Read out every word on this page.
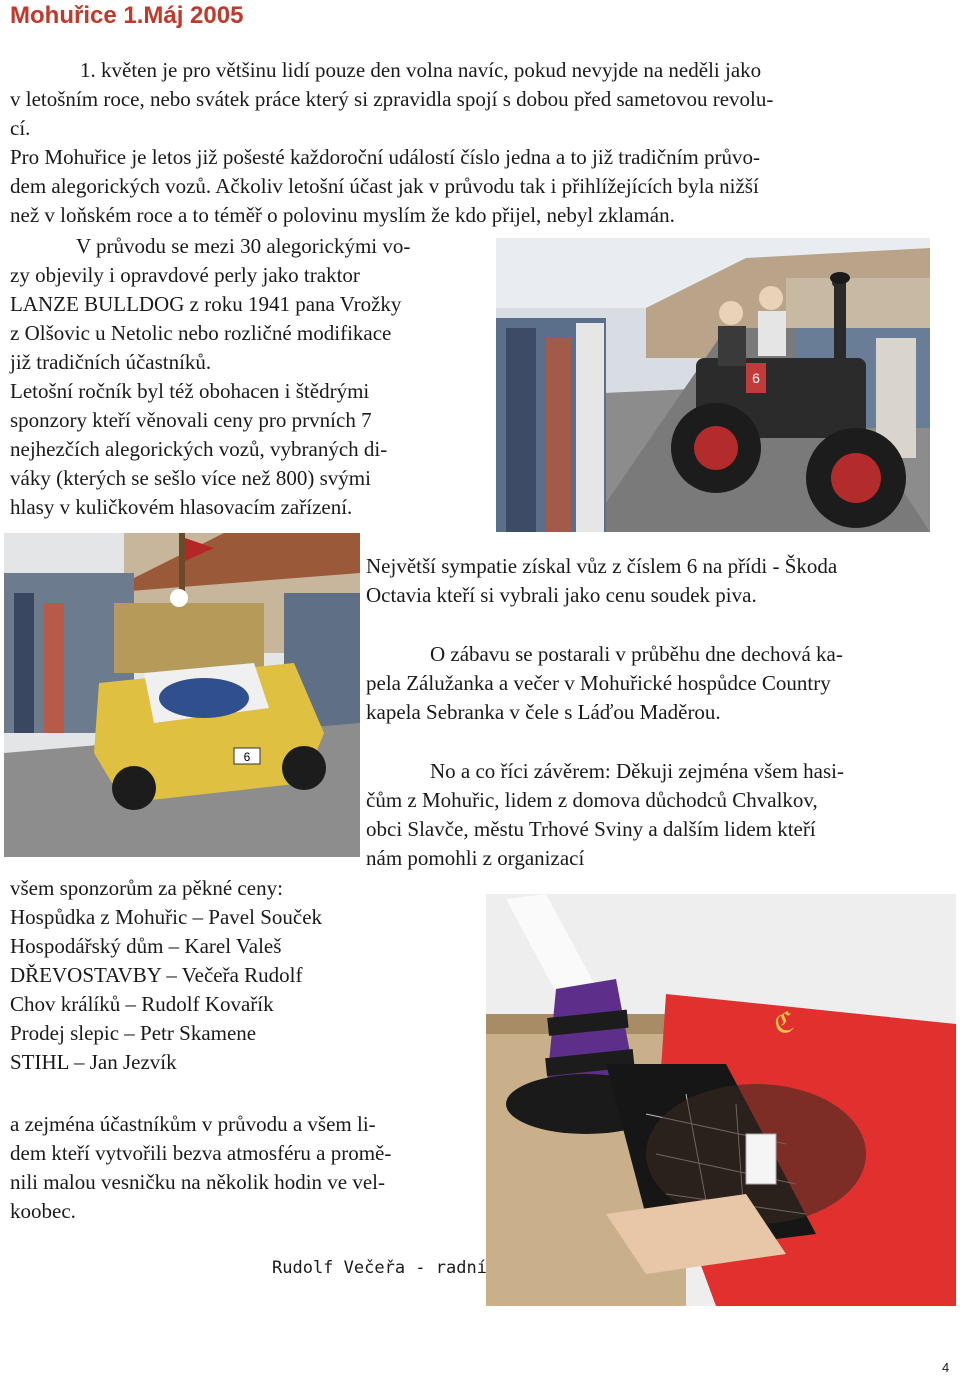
Mohuřice 1.Máj 2005
1. květen je pro většinu lidí pouze den volna navíc, pokud nevyjde na neděli jako
v letošním roce, nebo svátek práce který si zpravidla spojí s dobou před sametovou revolu-
cí.
Pro Mohuřice je letos již pošesté každoroční událostí číslo jedna a to již tradičním průvo-
dem alegorických vozů. Ačkoliv letošní účast jak v průvodu tak i přihlížejících byla nižší
než v loňském roce a to téměř o polovinu myslím že kdo přijel, nebyl zklamán.
V průvodu se mezi 30 alegorickými vo-
zy objevily i opravdové perly jako traktor
LANZE BULLDOG z roku 1941 pana Vrožky
z Olšovic u Netolic nebo rozličné modifikace
již tradičních účastníků.
Letošní ročník byl též obohacen i štědrými
sponzory kteří věnovali ceny pro prvních 7
nejhezčích alegorických vozů, vybraných di-
váky (kterých se sešlo více než 800) svými
hlasy v kuličkovém hlasovacím zařízení.
6
6
Největší sympatie získal vůz z číslem 6 na přídi - Škoda
Octavia kteří si vybrali jako cenu soudek piva.
O zábavu se postarali v průběhu dne dechová ka-
pela Zálužanka a večer v Mohuřické hospůdce Country
kapela Sebranka v čele s Láďou Maděrou.
No a co říci závěrem: Děkuji zejména všem hasi-
čům z Mohuřic, lidem z domova důchodců Chvalkov,
obci Slavče, městu Trhové Sviny a dalším lidem kteří
nám pomohli z organizací
všem sponzorům za pěkné ceny:
Hospůdka z Mohuřic – Pavel Souček
Hospodářský dům – Karel Valeš
DŘEVOSTAVBY – Večeřa Rudolf
Chov králíků – Rudolf Kovařík
Prodej slepic – Petr Skamene
STIHL – Jan Jezvík
a zejména účastníkům v průvodu a všem li-
dem kteří vytvořili bezva atmosféru a promě-
nili malou vesničku na několik hodin ve vel-
koobec.
ℭ
Rudolf Večeřa - radní
4
